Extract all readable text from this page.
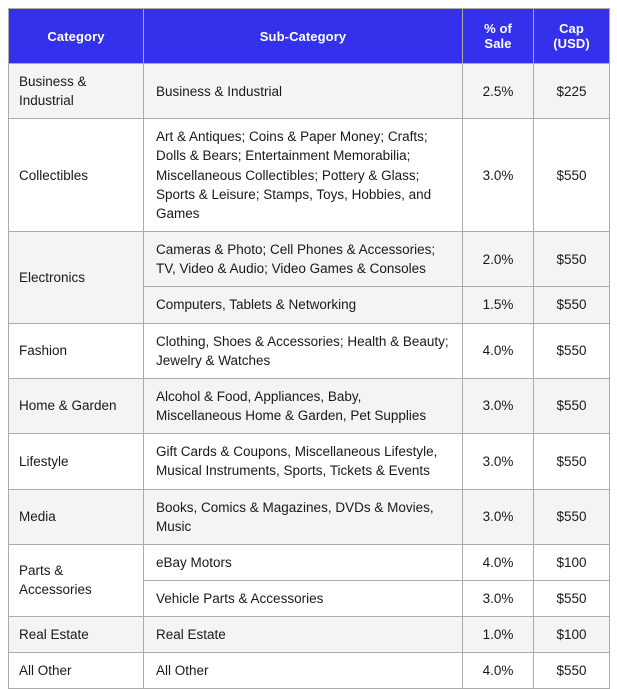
Category	Sub-Category	% of Sale	Cap (USD)
Business & Industrial	Business & Industrial	2.5%	$225
Collectibles	Art & Antiques; Coins & Paper Money; Crafts; Dolls & Bears; Entertainment Memorabilia; Miscellaneous Collectibles; Pottery & Glass; Sports & Leisure; Stamps, Toys, Hobbies, and Games	3.0%	$550
Electronics	Cameras & Photo; Cell Phones & Accessories; TV, Video & Audio; Video Games & Consoles	2.0%	$550
	Computers, Tablets & Networking	1.5%	$550
Fashion	Clothing, Shoes & Accessories; Health & Beauty; Jewelry & Watches	4.0%	$550
Home & Garden	Alcohol & Food, Appliances, Baby, Miscellaneous Home & Garden, Pet Supplies	3.0%	$550
Lifestyle	Gift Cards & Coupons, Miscellaneous Lifestyle, Musical Instruments, Sports, Tickets & Events	3.0%	$550
Media	Books, Comics & Magazines, DVDs & Movies, Music	3.0%	$550
Parts & Accessories	eBay Motors	4.0%	$100
	Vehicle Parts & Accessories	3.0%	$550
Real Estate	Real Estate	1.0%	$100
All Other	All Other	4.0%	$550
